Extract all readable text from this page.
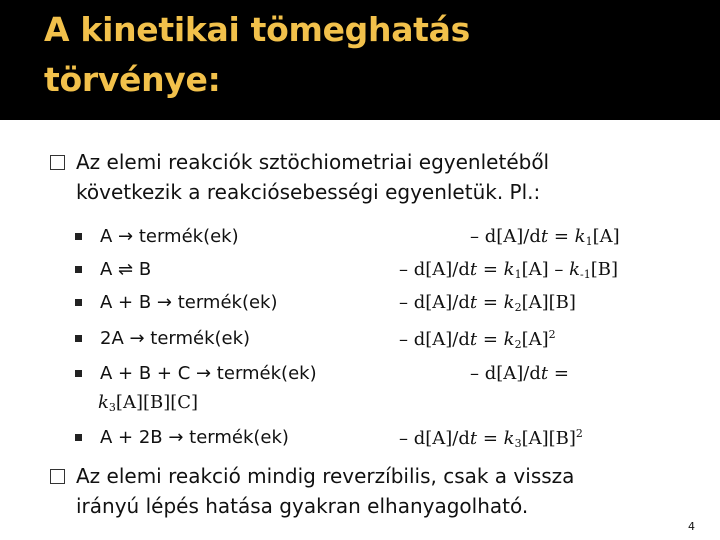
A kinetikai tömeghatás
törvénye:
Az elemi reakciók sztöchiometriai egyenletéből
következik a reakciósebességi egyenletük. Pl.:
A → termék(ek)	– $d[A]/dt = k_1[A]$
A ⇌ B	– $d[A]/dt = k_1[A] - k_{-1}[B]$
A + B → termék(ek)	– $d[A]/dt = k_2[A][B]$
2A → termék(ek)	– $d[A]/dt = k_2[A]^2$
A + B + C → termék(ek)	– d[A]/dt =
$k_3[A][B][C]$
A + 2B → termék(ek)	– $d[A]/dt = k_3[A][B]^2$
Az elemi reakció mindig reverzíbilis, csak a vissza
irányú lépés hatása gyakran elhanyagolható.
4
